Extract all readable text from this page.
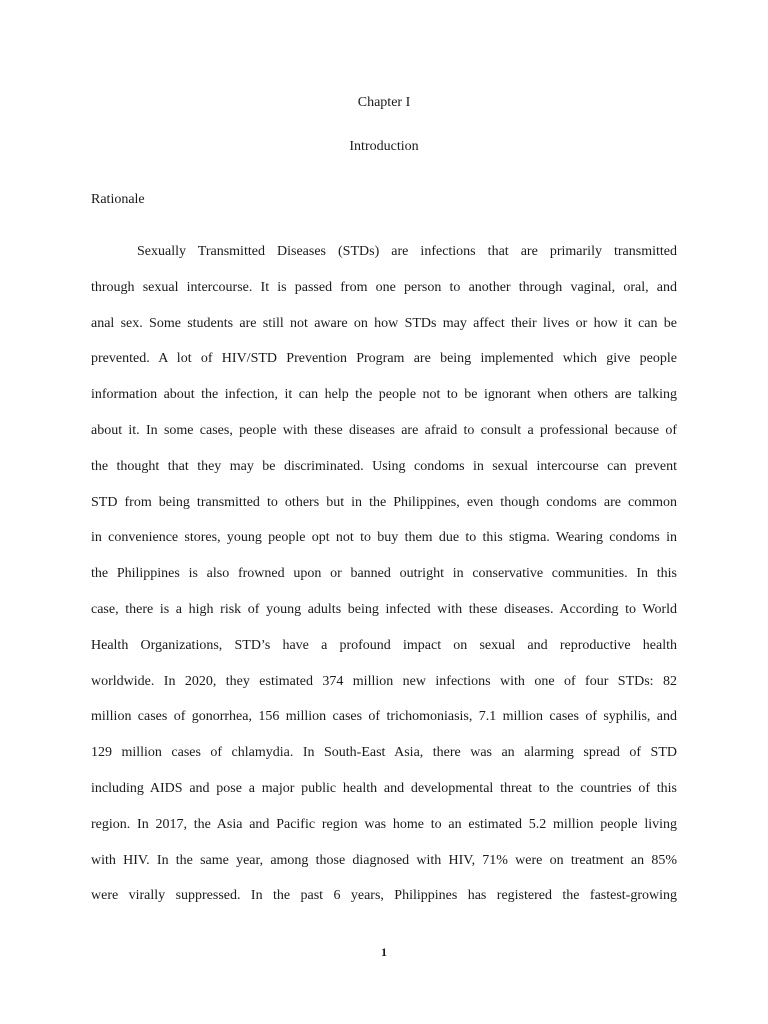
Chapter I
Introduction
Rationale
Sexually Transmitted Diseases (STDs) are infections that are primarily transmitted
through sexual intercourse. It is passed from one person to another through vaginal, oral, and
anal sex. Some students are still not aware on how STDs may affect their lives or how it can be
prevented. A lot of HIV/STD Prevention Program are being implemented which give people
information about the infection, it can help the people not to be ignorant when others are talking
about it. In some cases, people with these diseases are afraid to consult a professional because of
the thought that they may be discriminated. Using condoms in sexual intercourse can prevent
STD from being transmitted to others but in the Philippines, even though condoms are common
in convenience stores, young people opt not to buy them due to this stigma. Wearing condoms in
the Philippines is also frowned upon or banned outright in conservative communities. In this
case, there is a high risk of young adults being infected with these diseases. According to World
Health Organizations, STD’s have a profound impact on sexual and reproductive health
worldwide. In 2020, they estimated 374 million new infections with one of four STDs: 82
million cases of gonorrhea, 156 million cases of trichomoniasis, 7.1 million cases of syphilis, and
129 million cases of chlamydia. In South-East Asia, there was an alarming spread of STD
including AIDS and pose a major public health and developmental threat to the countries of this
region. In 2017, the Asia and Pacific region was home to an estimated 5.2 million people living
with HIV. In the same year, among those diagnosed with HIV, 71% were on treatment an 85%
were virally suppressed. In the past 6 years, Philippines has registered the fastest-growing
1
